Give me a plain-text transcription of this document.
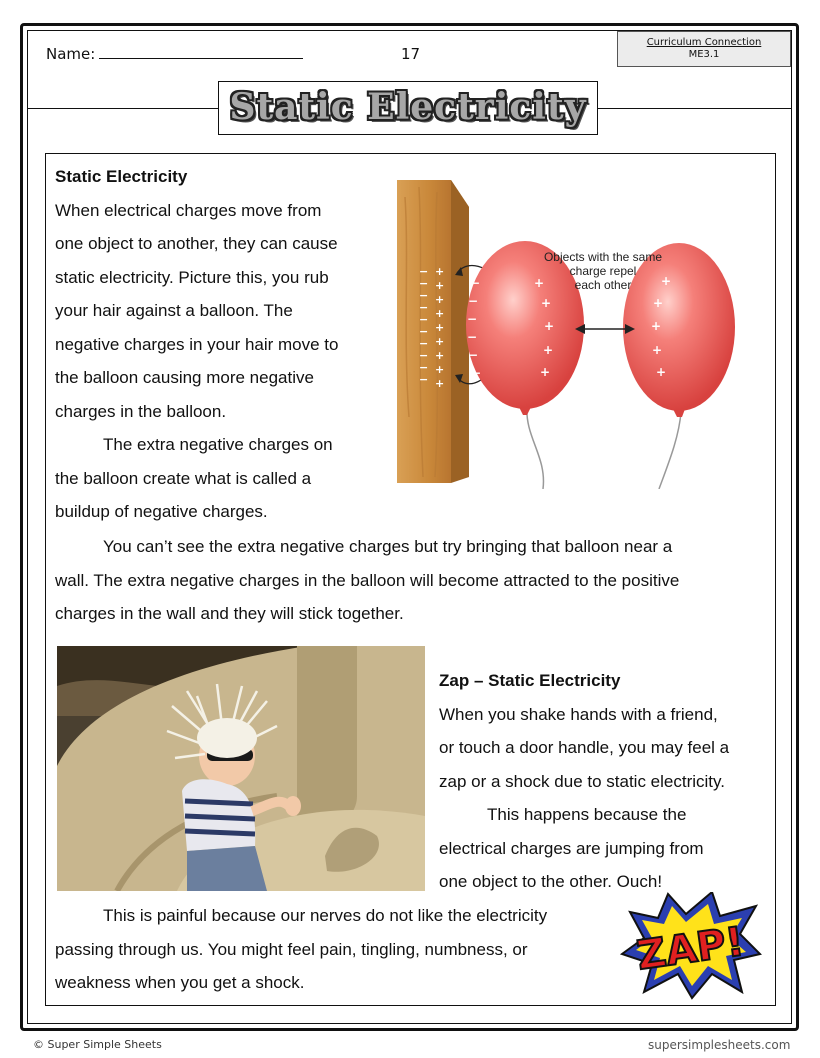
Name:	17
Curriculum Connection
ME3.1
Static Electricity
Static Electricity
When electrical charges move from
one object to another, they can cause
static electricity. Picture this, you rub
your hair against a balloon. The
negative charges in your hair move to
the balloon causing more negative
charges in the balloon.
The extra negative charges on
the balloon create what is called a
buildup of negative charges.
You can’t see the extra negative charges but try bringing that balloon near a
wall. The extra negative charges in the balloon will become attracted to the positive
charges in the wall and they will stick together.
−
−
−
−
−
−
−
−
−
−
+
+
+
+
+
+
+
+
+
−
−
−
−
−
−
+
+
+
+
+
+
+
+
+
+
−
−
−
−
−
Objects with the same
charge repel
each other
Zap – Static Electricity
When you shake hands with a friend,
or touch a door handle, you may feel a
zap or a shock due to static electricity.
This happens because the
electrical charges are jumping from
one object to the other. Ouch!
This is painful because our nerves do not like the electricity
passing through us. You might feel pain, tingling, numbness, or
weakness when you get a shock.
ZAP!
© Super Simple Sheets	supersimplesheets.com
